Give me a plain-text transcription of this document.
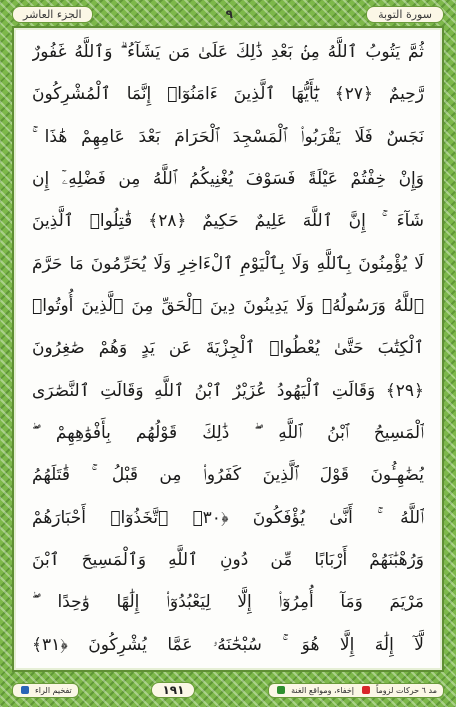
الجزء العاشر	٩	سورة التوبة
ثُمَّ يَتُوبُ ٱللَّهُ مِنۢ بَعْدِ ذَٰلِكَ عَلَىٰ مَن يَشَآءُ ۗ وَٱللَّهُ غَفُورٌ
رَّحِيمٌ ﴿٢٧﴾ يَٰٓأَيُّهَا ٱلَّذِينَ ءَامَنُوٓا۟ إِنَّمَا ٱلْمُشْرِكُونَ
نَجَسٌ فَلَا يَقْرَبُوا۟ ٱلْمَسْجِدَ ٱلْحَرَامَ بَعْدَ عَامِهِمْ هَٰذَا ۚ
وَإِنْ خِفْتُمْ عَيْلَةً فَسَوْفَ يُغْنِيكُمُ ٱللَّهُ مِن فَضْلِهِۦٓ إِن
شَآءَ ۚ إِنَّ ٱللَّهَ عَلِيمٌ حَكِيمٌ ﴿٢٨﴾ قَٰتِلُوا۟ ٱلَّذِينَ
لَا يُؤْمِنُونَ بِٱللَّهِ وَلَا بِٱلْيَوْمِ ٱلْءَاخِرِ وَلَا يُحَرِّمُونَ مَا حَرَّمَ
ٱللَّهُ وَرَسُولُهُۥ وَلَا يَدِينُونَ دِينَ ٱلْحَقِّ مِنَ ٱلَّذِينَ أُوتُوا۟
ٱلْكِتَٰبَ حَتَّىٰ يُعْطُوا۟ ٱلْجِزْيَةَ عَن يَدٍ وَهُمْ صَٰغِرُونَ
﴿٢٩﴾ وَقَالَتِ ٱلْيَهُودُ عُزَيْرٌ ٱبْنُ ٱللَّهِ وَقَالَتِ ٱلنَّصَٰرَى
ٱلْمَسِيحُ ٱبْنُ ٱللَّهِ ۖ ذَٰلِكَ قَوْلُهُم بِأَفْوَٰهِهِمْ ۖ
يُضَٰهِـُٔونَ قَوْلَ ٱلَّذِينَ كَفَرُوا۟ مِن قَبْلُ ۚ قَٰتَلَهُمُ
ٱللَّهُ ۚ أَنَّىٰ يُؤْفَكُونَ ﴿٣٠﴾ ٱتَّخَذُوٓا۟ أَحْبَارَهُمْ
وَرُهْبَٰنَهُمْ أَرْبَابًا مِّن دُونِ ٱللَّهِ وَٱلْمَسِيحَ ٱبْنَ
مَرْيَمَ وَمَآ أُمِرُوٓا۟ إِلَّا لِيَعْبُدُوٓا۟ إِلَٰهًا وَٰحِدًا ۖ
لَّآ إِلَٰهَ إِلَّا هُوَ ۚ سُبْحَٰنَهُۥ عَمَّا يُشْرِكُونَ ﴿٣١﴾
تفخيم الراء	١٩١	إخفاء، ومواقع الغنة	مد ٦ حركات لزوماً
